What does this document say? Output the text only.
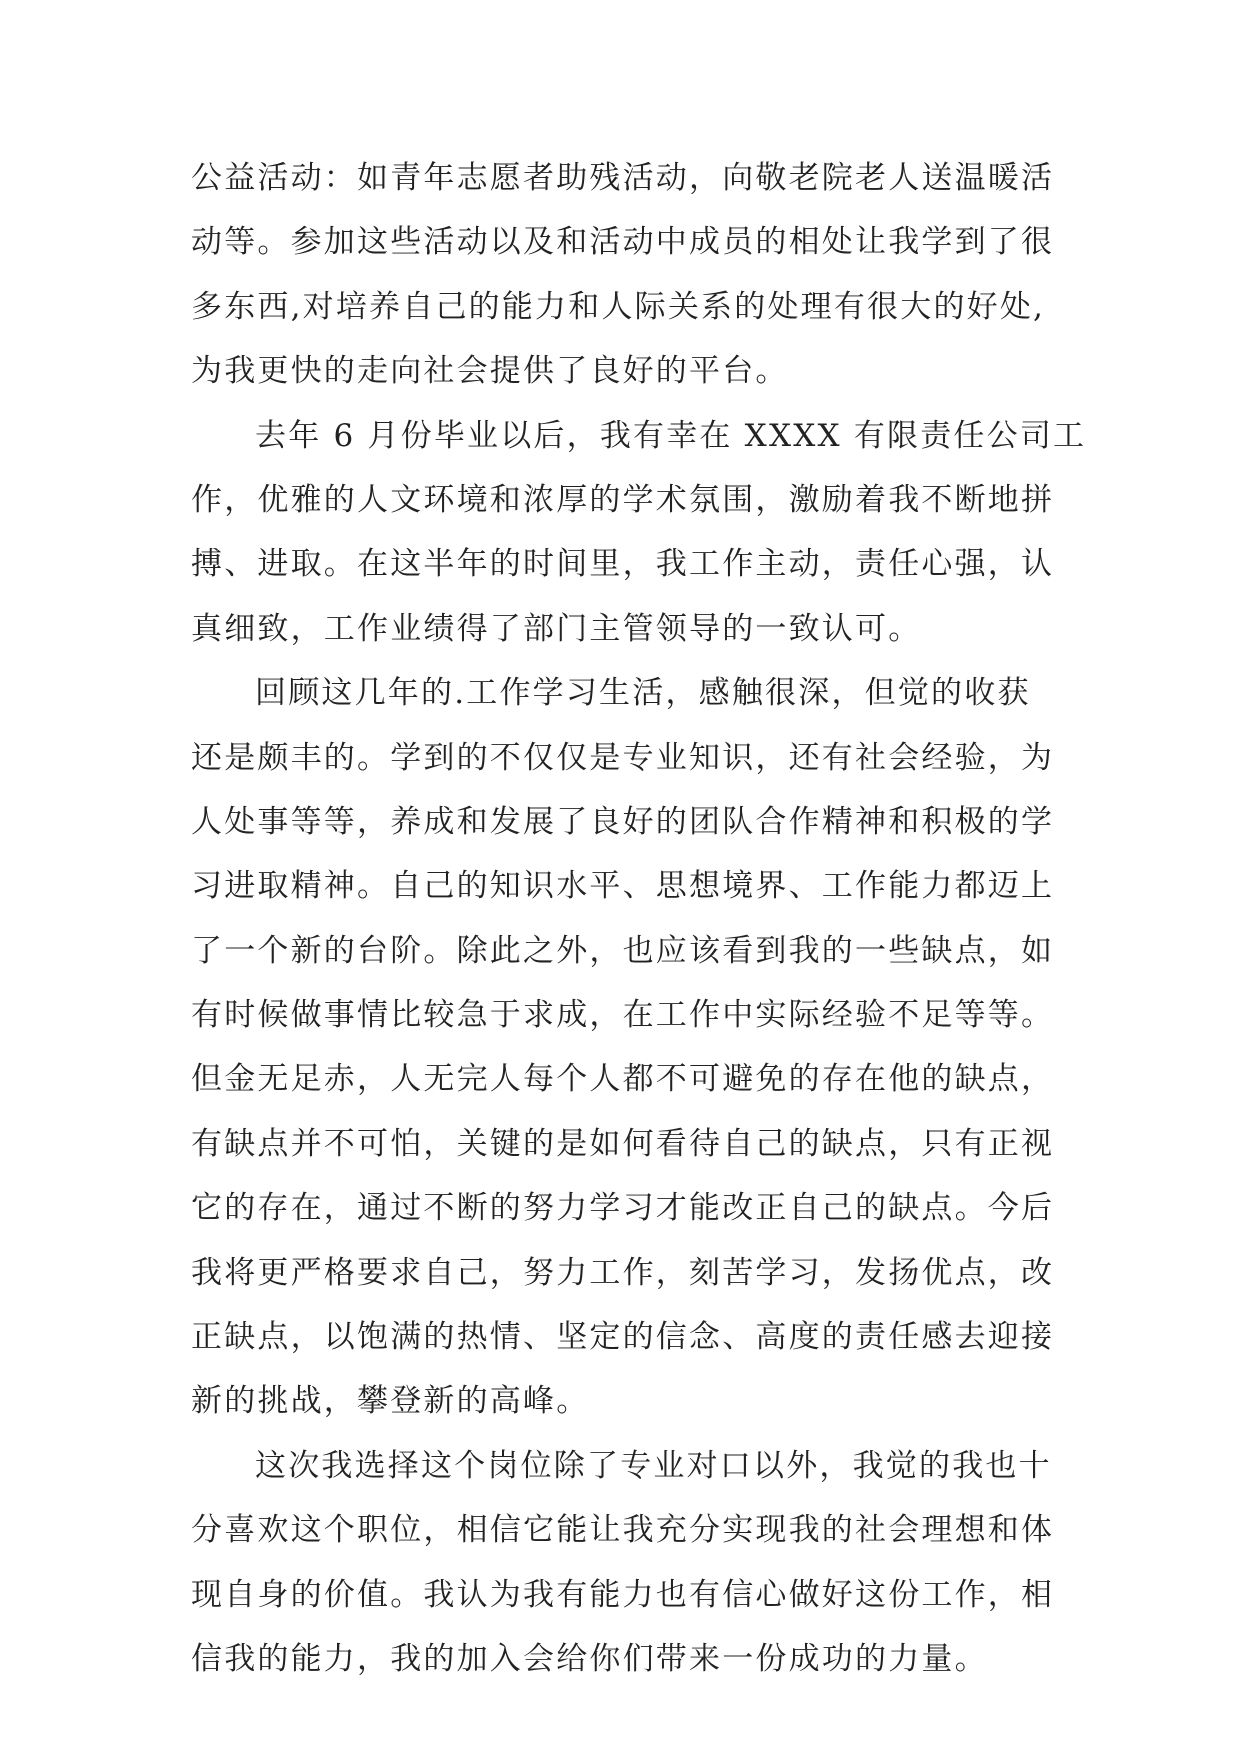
公益活动：如青年志愿者助残活动，向敬老院老人送温暖活
动等。参加这些活动以及和活动中成员的相处让我学到了很
多东西,对培养自己的能力和人际关系的处理有很大的好处,
为我更快的走向社会提供了良好的平台。
去年 6 月份毕业以后，我有幸在 XXXX 有限责任公司工
作，优雅的人文环境和浓厚的学术氛围，激励着我不断地拼
搏、进取。在这半年的时间里，我工作主动，责任心强，认
真细致，工作业绩得了部门主管领导的一致认可。
回顾这几年的.工作学习生活，感触很深，但觉的收获
还是颇丰的。学到的不仅仅是专业知识，还有社会经验，为
人处事等等，养成和发展了良好的团队合作精神和积极的学
习进取精神。自己的知识水平、思想境界、工作能力都迈上
了一个新的台阶。除此之外，也应该看到我的一些缺点，如
有时候做事情比较急于求成，在工作中实际经验不足等等。
但金无足赤，人无完人每个人都不可避免的存在他的缺点，
有缺点并不可怕，关键的是如何看待自己的缺点，只有正视
它的存在，通过不断的努力学习才能改正自己的缺点。今后
我将更严格要求自己，努力工作，刻苦学习，发扬优点，改
正缺点，以饱满的热情、坚定的信念、高度的责任感去迎接
新的挑战，攀登新的高峰。
这次我选择这个岗位除了专业对口以外，我觉的我也十
分喜欢这个职位，相信它能让我充分实现我的社会理想和体
现自身的价值。我认为我有能力也有信心做好这份工作，相
信我的能力，我的加入会给你们带来一份成功的力量。
